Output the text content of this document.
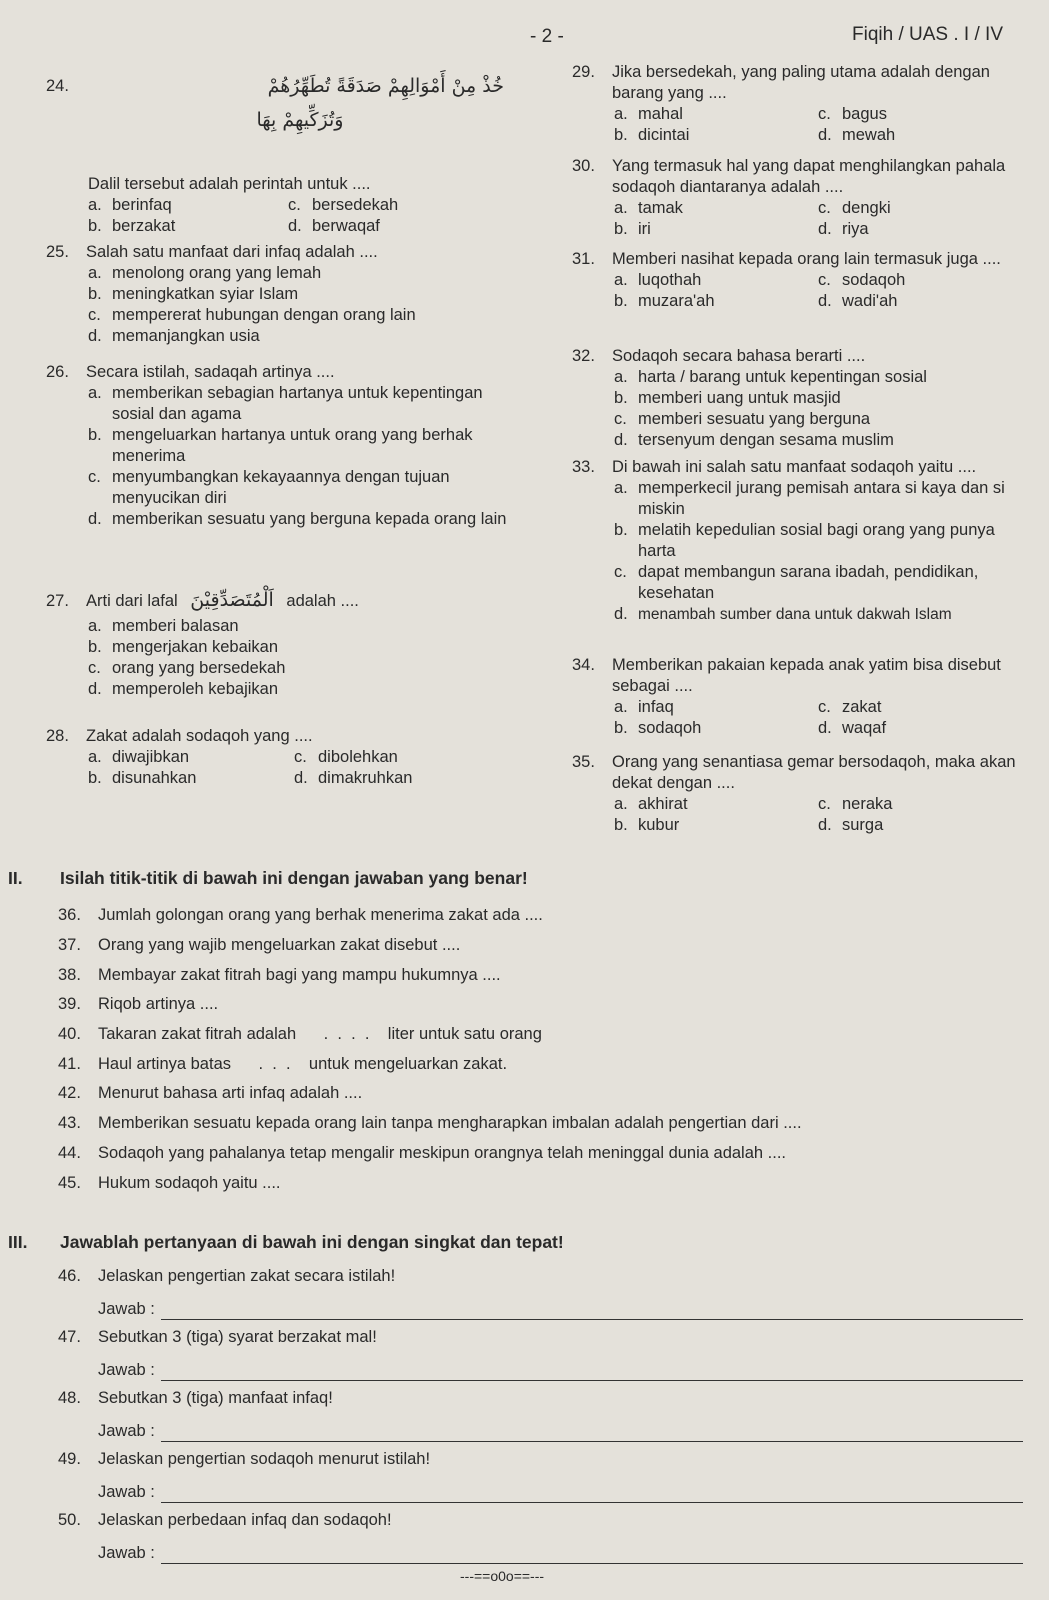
- 2 -	Fiqih / UAS . I / IV
24.	خُذْ مِنْ أَمْوَالِهِمْ صَدَقَةً تُطَهِّرُهُمْ
وَتُزَكِّيهِمْ بِهَا
Dalil tersebut adalah perintah untuk ....
a. berinfaq	c. bersedekah
b. berzakat	d. berwaqaf
25.	Salah satu manfaat dari infaq adalah ....
a. menolong orang yang lemah
b. meningkatkan syiar Islam
c. mempererat hubungan dengan orang lain
d. memanjangkan usia
26.	Secara istilah, sadaqah artinya ....
a. memberikan sebagian hartanya untuk kepentingan sosial dan agama
b. mengeluarkan hartanya untuk orang yang berhak menerima
c. menyumbangkan kekayaannya dengan tujuan menyucikan diri
d. memberikan sesuatu yang berguna kepada orang lain
27.	Arti dari lafal اَلْمُتَصَدِّقِيْنَ adalah ....
a. memberi balasan
b. mengerjakan kebaikan
c. orang yang bersedekah
d. memperoleh kebajikan
28.	Zakat adalah sodaqoh yang ....
a. diwajibkan	c. dibolehkan
b. disunahkan	d. dimakruhkan
29.	Jika bersedekah, yang paling utama adalah dengan barang yang ....
a. mahal	c. bagus
b. dicintai	d. mewah
30.	Yang termasuk hal yang dapat menghilangkan pahala sodaqoh diantaranya adalah ....
a. tamak	c. dengki
b. iri	d. riya
31.	Memberi nasihat kepada orang lain termasuk juga ....
a. luqothah	c. sodaqoh
b. muzara'ah	d. wadi'ah
32.	Sodaqoh secara bahasa berarti ....
a. harta / barang untuk kepentingan sosial
b. memberi uang untuk masjid
c. memberi sesuatu yang berguna
d. tersenyum dengan sesama muslim
33.	Di bawah ini salah satu manfaat sodaqoh yaitu ....
a. memperkecil jurang pemisah antara si kaya dan si miskin
b. melatih kepedulian sosial bagi orang yang punya harta
c. dapat membangun sarana ibadah, pendidikan, kesehatan
d. menambah sumber dana untuk dakwah Islam
34.	Memberikan pakaian kepada anak yatim bisa disebut sebagai ....
a. infaq	c. zakat
b. sodaqoh	d. waqaf
35.	Orang yang senantiasa gemar bersodaqoh, maka akan dekat dengan ....
a. akhirat	c. neraka
b. kubur	d. surga
II. Isilah titik-titik di bawah ini dengan jawaban yang benar!
36.	Jumlah golongan orang yang berhak menerima zakat ada ....
37.	Orang yang wajib mengeluarkan zakat disebut ....
38.	Membayar zakat fitrah bagi yang mampu hukumnya ....
39.	Riqob artinya ....
40.	Takaran zakat fitrah adalah      .  .  .  .    liter untuk satu orang
41.	Haul artinya batas      .  .  .    untuk mengeluarkan zakat.
42.	Menurut bahasa arti infaq adalah ....
43.	Memberikan sesuatu kepada orang lain tanpa mengharapkan imbalan adalah pengertian dari ....
44.	Sodaqoh yang pahalanya tetap mengalir meskipun orangnya telah meninggal dunia adalah ....
45.	Hukum sodaqoh yaitu ....
III. Jawablah pertanyaan di bawah ini dengan singkat dan tepat!
46.	Jelaskan pengertian zakat secara istilah!
Jawab :
47.	Sebutkan 3 (tiga) syarat berzakat mal!
Jawab :
48.	Sebutkan 3 (tiga) manfaat infaq!
Jawab :
49.	Jelaskan pengertian sodaqoh menurut istilah!
Jawab :
50.	Jelaskan perbedaan infaq dan sodaqoh!
Jawab :
---==o0o==---
